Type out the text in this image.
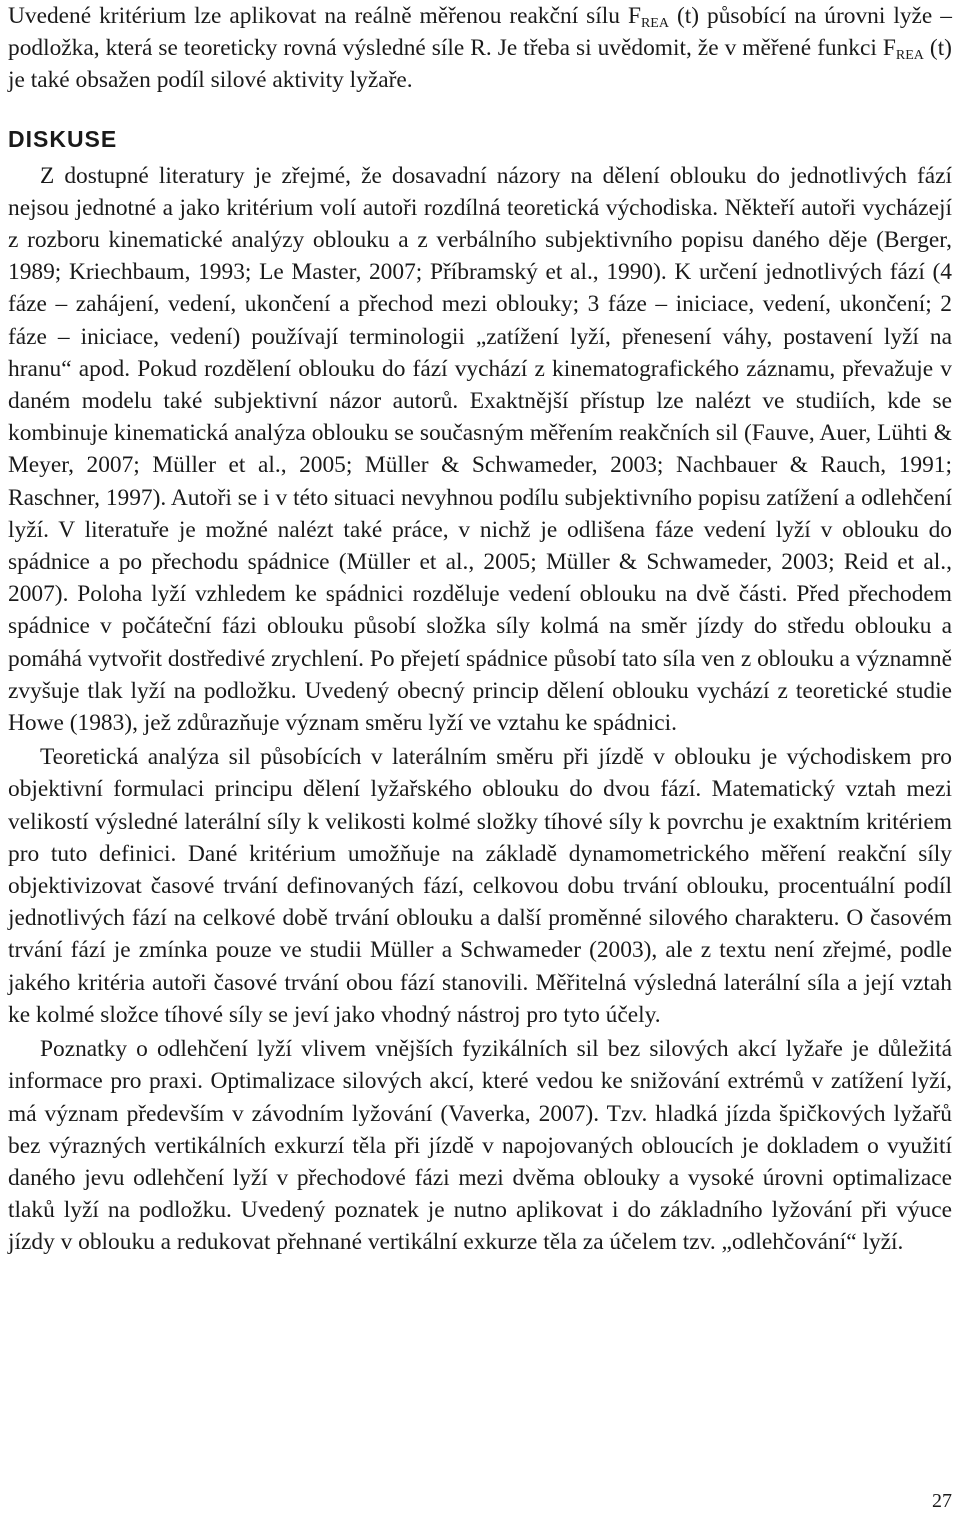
Uvedené kritérium lze aplikovat na reálně měřenou reakční sílu $F_{REA}$ (t) působící na úrovni lyže – podložka, která se teoreticky rovná výsledné síle R. Je třeba si uvědomit, že v měřené funkci $F_{REA}$ (t) je také obsažen podíl silové aktivity lyžaře.

DISKUSE

Z dostupné literatury je zřejmé, že dosavadní názory na dělení oblouku do jednotlivých fází nejsou jednotné a jako kritérium volí autoři rozdílná teoretická východiska. Někteří autoři vycházejí z rozboru kinematické analýzy oblouku a z verbálního subjektivního popisu daného děje (Berger, 1989; Kriechbaum, 1993; Le Master, 2007; Příbramský et al., 1990). K určení jednotlivých fází (4 fáze – zahájení, vedení, ukončení a přechod mezi oblouky; 3 fáze – iniciace, vedení, ukončení; 2 fáze – iniciace, vedení) používají terminologii „zatížení lyží, přenesení váhy, postavení lyží na hranu“ apod. Pokud rozdělení oblouku do fází vychází z kinematografického záznamu, převažuje v daném modelu také subjektivní názor autorů. Exaktnější přístup lze nalézt ve studiích, kde se kombinuje kinematická analýza oblouku se současným měřením reakčních sil (Fauve, Auer, Lühti & Meyer, 2007; Müller et al., 2005; Müller & Schwameder, 2003; Nachbauer & Rauch, 1991; Raschner, 1997). Autoři se i v této situaci nevyhnou podílu subjektivního popisu zatížení a odlehčení lyží. V literatuře je možné nalézt také práce, v nichž je odlišena fáze vedení lyží v oblouku do spádnice a po přechodu spádnice (Müller et al., 2005; Müller & Schwameder, 2003; Reid et al., 2007). Poloha lyží vzhledem ke spádnici rozděluje vedení oblouku na dvě části. Před přechodem spádnice v počáteční fázi oblouku působí složka síly kolmá na směr jízdy do středu oblouku a pomáhá vytvořit dostředivé zrychlení. Po přejetí spádnice působí tato síla ven z oblouku a významně zvyšuje tlak lyží na podložku. Uvedený obecný princip dělení oblouku vychází z teoretické studie Howe (1983), jež zdůrazňuje význam směru lyží ve vztahu ke spádnici.

Teoretická analýza sil působících v laterálním směru při jízdě v oblouku je východiskem pro objektivní formulaci principu dělení lyžařského oblouku do dvou fází. Matematický vztah mezi velikostí výsledné laterální síly k velikosti kolmé složky tíhové síly k povrchu je exaktním kritériem pro tuto definici. Dané kritérium umožňuje na základě dynamometrického měření reakční síly objektivizovat časové trvání definovaných fází, celkovou dobu trvání oblouku, procentuální podíl jednotlivých fází na celkové době trvání oblouku a další proměnné silového charakteru. O časovém trvání fází je zmínka pouze ve studii Müller a Schwameder (2003), ale z textu není zřejmé, podle jakého kritéria autoři časové trvání obou fází stanovili. Měřitelná výsledná laterální síla a její vztah ke kolmé složce tíhové síly se jeví jako vhodný nástroj pro tyto účely.

Poznatky o odlehčení lyží vlivem vnějších fyzikálních sil bez silových akcí lyžaře je důležitá informace pro praxi. Optimalizace silových akcí, které vedou ke snižování extrémů v zatížení lyží, má význam především v závodním lyžování (Vaverka, 2007). Tzv. hladká jízda špičkových lyžařů bez výrazných vertikálních exkurzí těla při jízdě v napojovaných obloucích je dokladem o využití daného jevu odlehčení lyží v přechodové fázi mezi dvěma oblouky a vysoké úrovni optimalizace tlaků lyží na podložku. Uvedený poznatek je nutno aplikovat i do základního lyžování při výuce jízdy v oblouku a redukovat přehnané vertikální exkurze těla za účelem tzv. „odlehčování“ lyží.

27
